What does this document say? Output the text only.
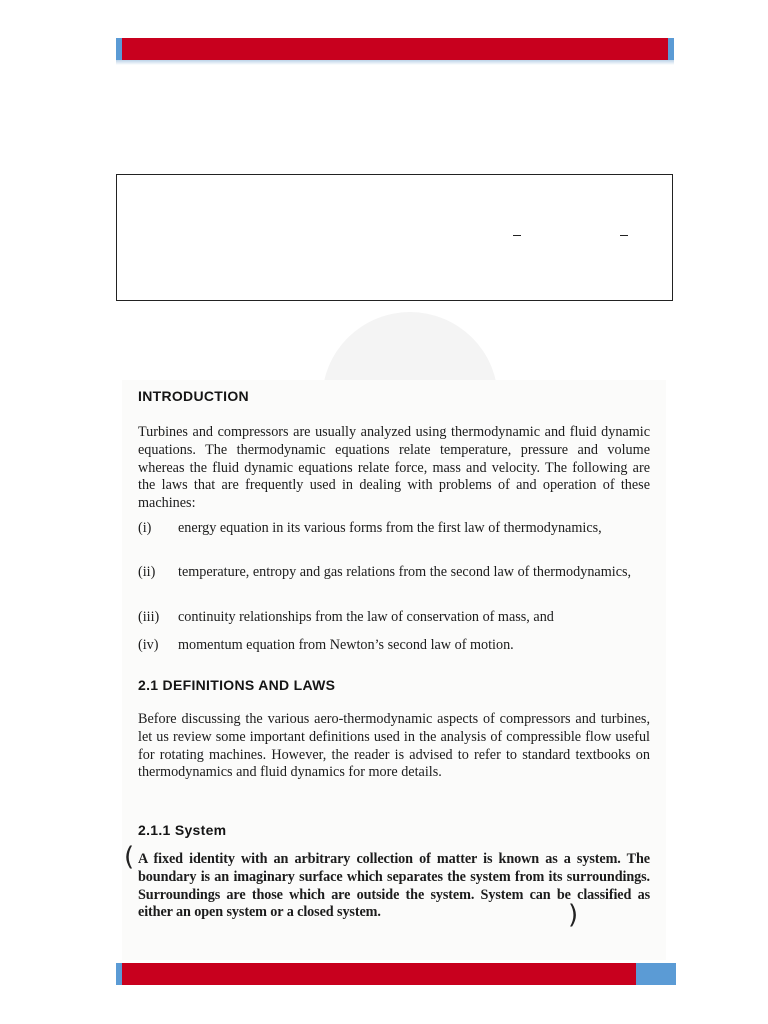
INTRODUCTION

Turbines and compressors are usually analyzed using thermodynamic and fluid dynamic equations. The thermodynamic equations relate temperature, pressure and volume whereas the fluid dynamic equations relate force, mass and velocity. The following are the laws that are frequently used in dealing with problems of and operation of these machines:

(i) energy equation in its various forms from the first law of thermodynamics,
(ii) temperature, entropy and gas relations from the second law of thermodynamics,
(iii) continuity relationships from the law of conservation of mass, and
(iv) momentum equation from Newton’s second law of motion.
2.1 DEFINITIONS AND LAWS

Before discussing the various aero-thermodynamic aspects of compressors and turbines, let us review some important definitions used in the analysis of compressible flow useful for rotating machines. However, the reader is advised to refer to standard textbooks on thermodynamics and fluid dynamics for more details.

2.1.1 System

A fixed identity with an arbitrary collection of matter is known as a system. The boundary is an imaginary surface which separates the system from its surroundings. Surroundings are those which are outside the system. System can be classified as either an open system or a closed system.

(
)
